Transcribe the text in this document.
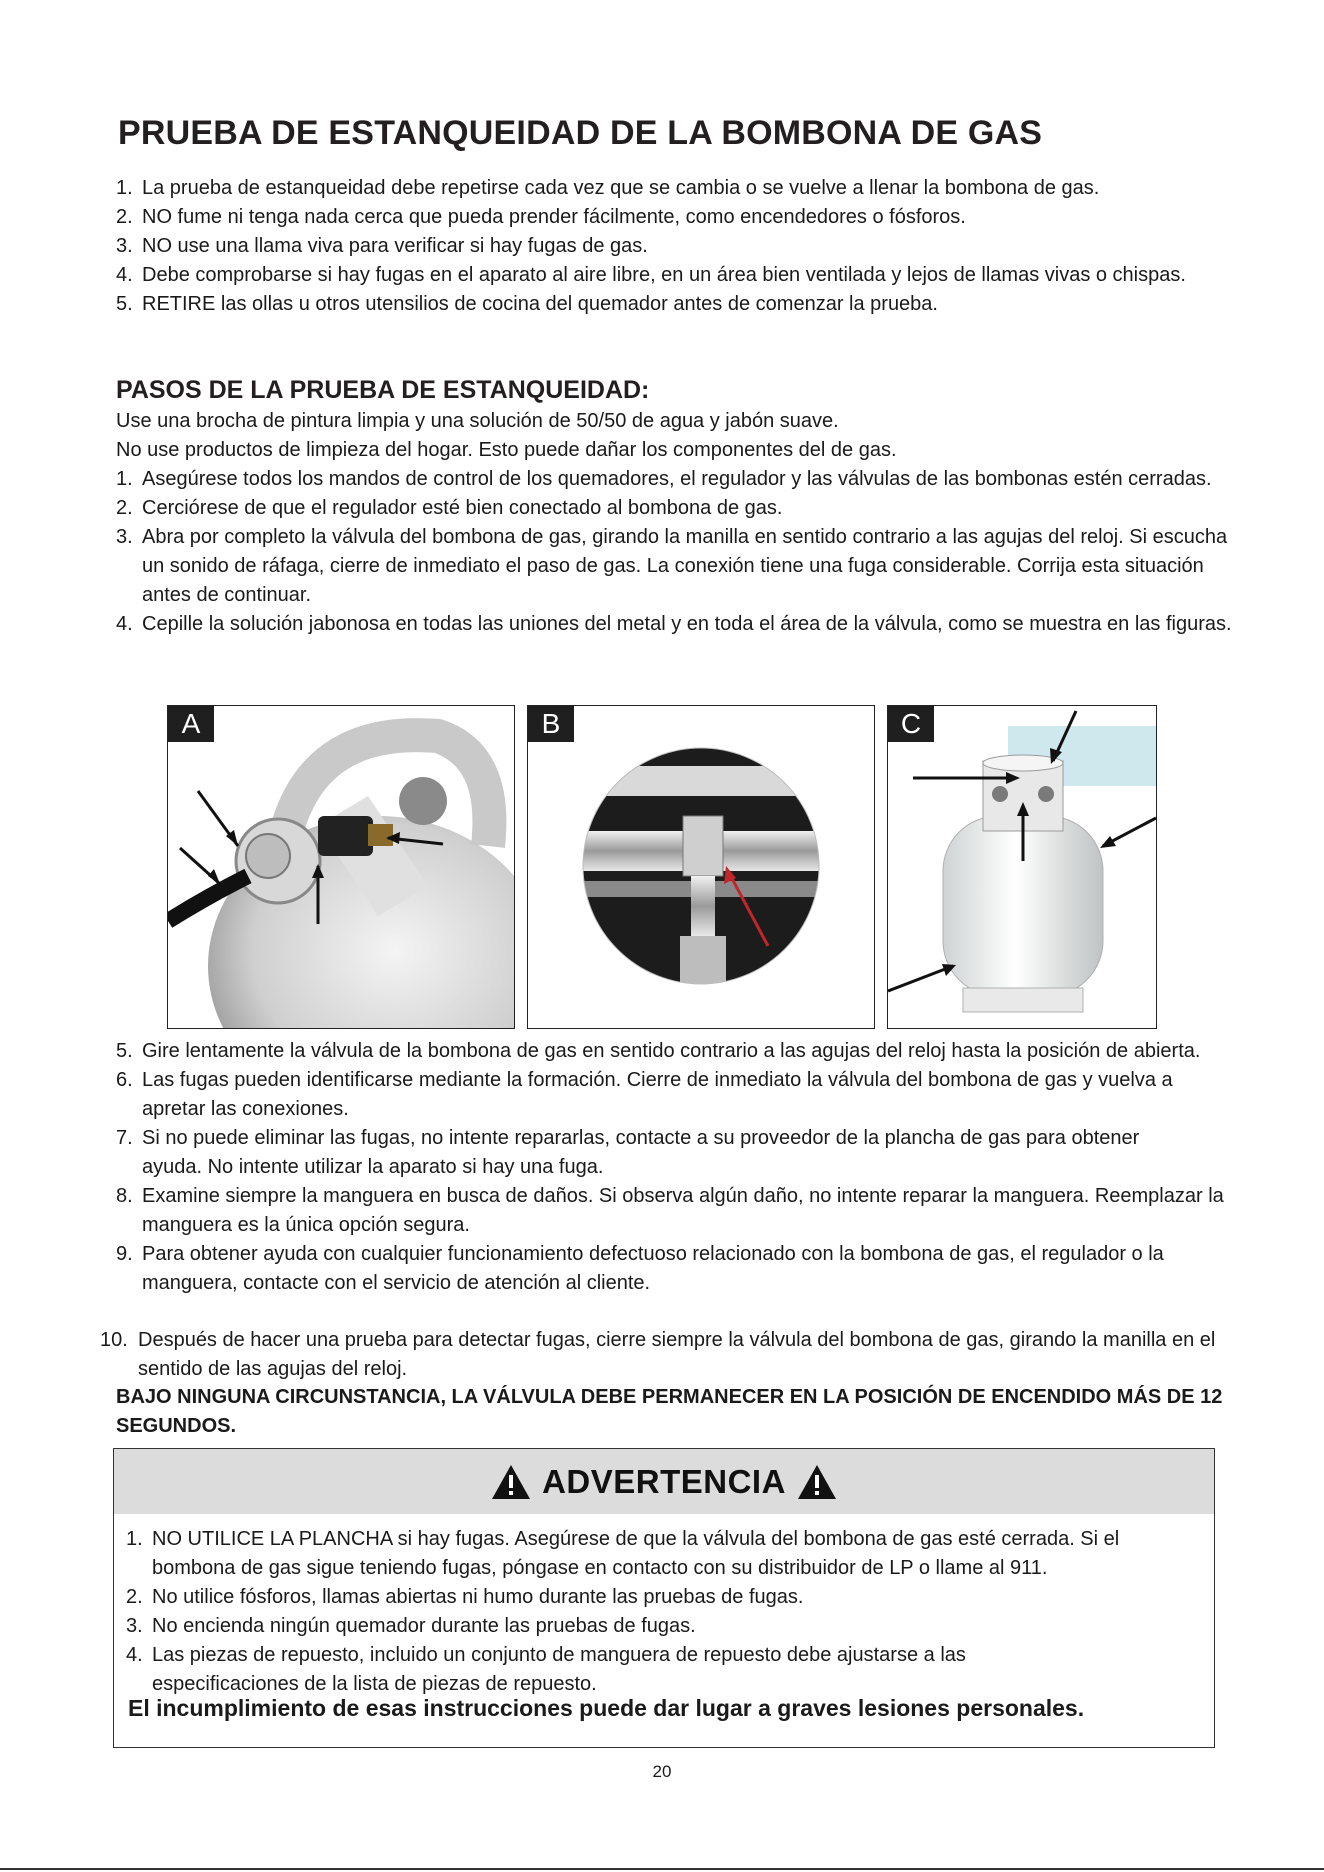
PRUEBA DE ESTANQUEIDAD DE LA BOMBONA DE GAS
1. La prueba de estanqueidad debe repetirse cada vez que se cambia o se vuelve a llenar la bombona de gas.
2. NO fume ni tenga nada cerca que pueda prender fácilmente, como encendedores o fósforos.
3. NO use una llama viva para verificar si hay fugas de gas.
4. Debe comprobarse si hay fugas en el aparato al aire libre, en un área bien ventilada y lejos de llamas vivas o chispas.
5. RETIRE las ollas u otros utensilios de cocina del quemador antes de comenzar la prueba.
PASOS DE LA PRUEBA DE ESTANQUEIDAD:

Use una brocha de pintura limpia y una solución de 50/50 de agua y jabón suave.

No use productos de limpieza del hogar. Esto puede dañar los componentes del de gas.

1. Asegúrese todos los mandos de control de los quemadores, el regulador y las válvulas de las bombonas estén cerradas.
2. Cerciórese de que el regulador esté bien conectado al bombona de gas.
3. Abra por completo la válvula del bombona de gas, girando la manilla en sentido contrario a las agujas del reloj. Si escucha un sonido de ráfaga, cierre de inmediato el paso de gas. La conexión tiene una fuga considerable. Corrija esta situación antes de continuar.
4. Cepille la solución jabonosa en todas las uniones del metal y en toda el área de la válvula, como se muestra en las figuras.
A	B	C
5. Gire lentamente la válvula de la bombona de gas en sentido contrario a las agujas del reloj hasta la posición de abierta.
6. Las fugas pueden identificarse mediante la formación. Cierre de inmediato la válvula del bombona de gas y vuelva a apretar las conexiones.
7. Si no puede eliminar las fugas, no intente repararlas, contacte a su proveedor de la plancha de gas para obtener ayuda. No intente utilizar la aparato si hay una fuga.
8. Examine siempre la manguera en busca de daños. Si observa algún daño, no intente reparar la manguera. Reemplazar la manguera es la única opción segura.
9. Para obtener ayuda con cualquier funcionamiento defectuoso relacionado con la bombona de gas, el regulador o la manguera, contacte con el servicio de atención al cliente.
10. Después de hacer una prueba para detectar fugas, cierre siempre la válvula del bombona de gas, girando la manilla en el sentido de las agujas del reloj.

BAJO NINGUNA CIRCUNSTANCIA, LA VÁLVULA DEBE PERMANECER EN LA POSICIÓN DE ENCENDIDO MÁS DE 12 SEGUNDOS.

ADVERTENCIA
1. NO UTILICE LA PLANCHA si hay fugas. Asegúrese de que la válvula del bombona de gas esté cerrada. Si el bombona de gas sigue teniendo fugas, póngase en contacto con su distribuidor de LP o llame al 911.
2. No utilice fósforos, llamas abiertas ni humo durante las pruebas de fugas.
3. No encienda ningún quemador durante las pruebas de fugas.
4. Las piezas de repuesto, incluido un conjunto de manguera de repuesto debe ajustarse a las especificaciones de la lista de piezas de repuesto.

El incumplimiento de esas instrucciones puede dar lugar a graves lesiones personales.

20
